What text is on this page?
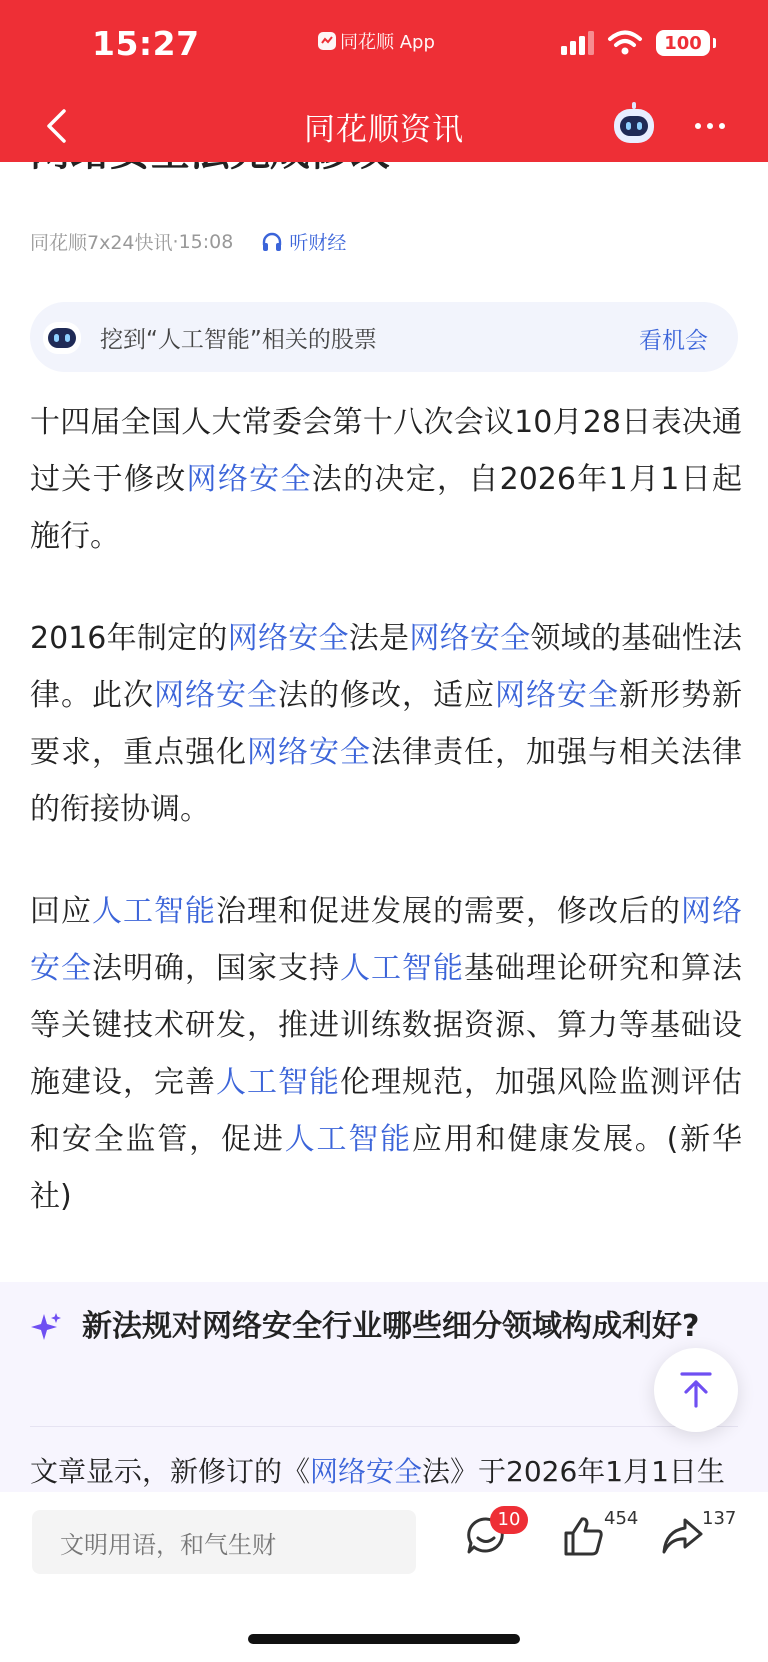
15:27	同花顺 App	100
同花顺资讯
同花顺7x24快讯 · 15:08	听财经
挖到“人工智能”相关的股票	看机会

十四届全国人大常委会第十八次会议10月28日表决通过关于修改网络安全法的决定，自2026年1月1日起施行。

2016年制定的网络安全法是网络安全领域的基础性法律。此次网络安全法的修改，适应网络安全新形势新要求，重点强化网络安全法律责任，加强与相关法律的衔接协调。

回应人工智能治理和促进发展的需要，修改后的网络安全法明确，国家支持人工智能基础理论研究和算法等关键技术研发，推进训练数据资源、算力等基础设施建设，完善人工智能伦理规范，加强风险监测评估和安全监管，促进人工智能应用和健康发展。(新华社)

新法规对网络安全行业哪些细分领域构成利好?
文章显示，新修订的《网络安全法》于2026年1月1日生
文明用语，和气生财
10	454	137
